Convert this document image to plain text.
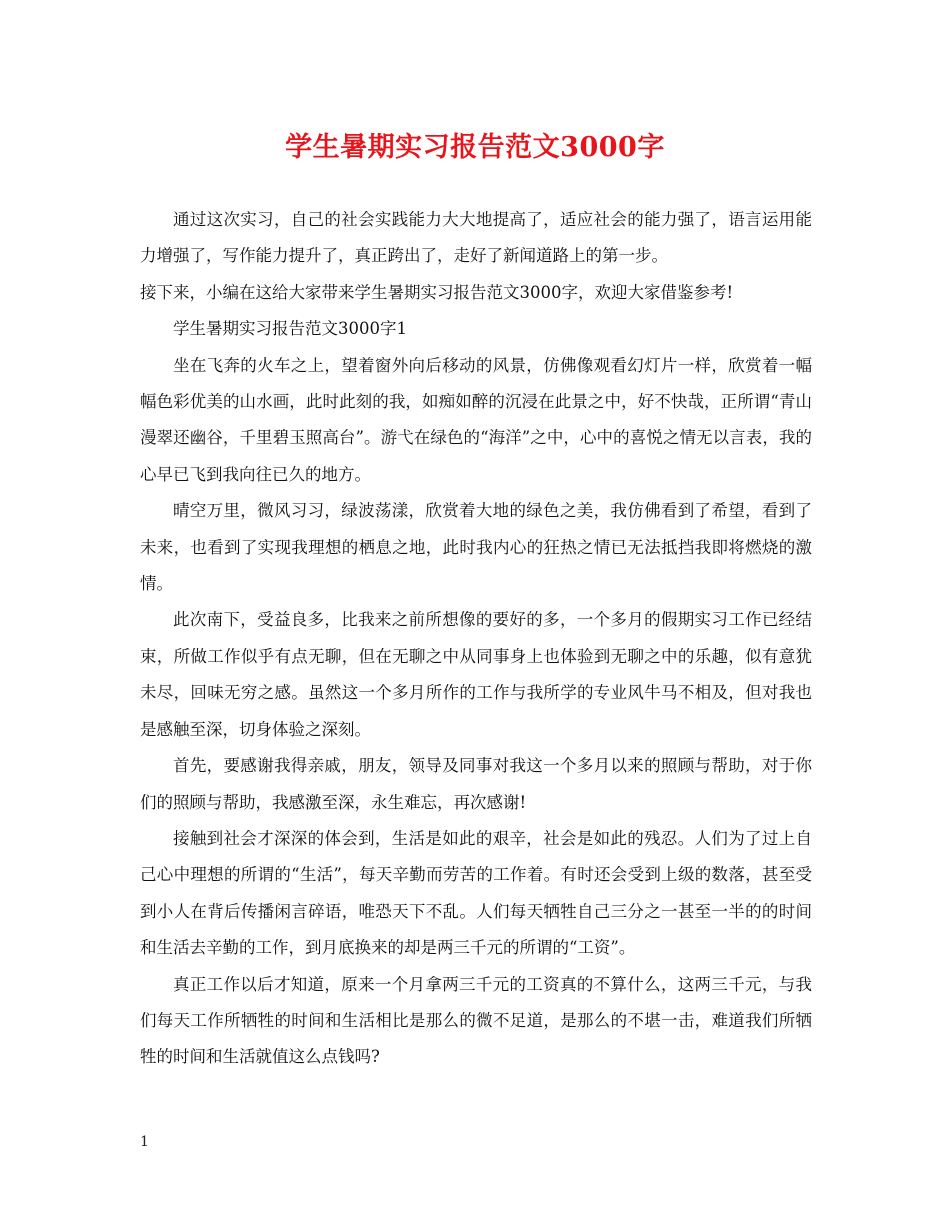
学生暑期实习报告范文3000字

通过这次实习，自己的社会实践能力大大地提高了，适应社会的能力强了，语言运用能力增强了，写作能力提升了，真正跨出了，走好了新闻道路上的第一步。

接下来，小编在这给大家带来学生暑期实习报告范文3000字，欢迎大家借鉴参考!

学生暑期实习报告范文3000字1

坐在飞奔的火车之上，望着窗外向后移动的风景，仿佛像观看幻灯片一样，欣赏着一幅幅色彩优美的山水画，此时此刻的我，如痴如醉的沉浸在此景之中，好不快哉，正所谓“青山漫翠还幽谷，千里碧玉照高台”。游弋在绿色的“海洋”之中，心中的喜悦之情无以言表，我的心早已飞到我向往已久的地方。

晴空万里，微风习习，绿波荡漾，欣赏着大地的绿色之美，我仿佛看到了希望，看到了未来，也看到了实现我理想的栖息之地，此时我内心的狂热之情已无法抵挡我即将燃烧的激情。

此次南下，受益良多，比我来之前所想像的要好的多，一个多月的假期实习工作已经结束，所做工作似乎有点无聊，但在无聊之中从同事身上也体验到无聊之中的乐趣，似有意犹未尽，回味无穷之感。虽然这一个多月所作的工作与我所学的专业风牛马不相及，但对我也是感触至深，切身体验之深刻。

首先，要感谢我得亲戚，朋友，领导及同事对我这一个多月以来的照顾与帮助，对于你们的照顾与帮助，我感激至深，永生难忘，再次感谢!

接触到社会才深深的体会到，生活是如此的艰辛，社会是如此的残忍。人们为了过上自己心中理想的所谓的“生活”，每天辛勤而劳苦的工作着。有时还会受到上级的数落，甚至受到小人在背后传播闲言碎语，唯恐天下不乱。人们每天牺牲自己三分之一甚至一半的的时间和生活去辛勤的工作，到月底换来的却是两三千元的所谓的“工资”。

真正工作以后才知道，原来一个月拿两三千元的工资真的不算什么，这两三千元，与我们每天工作所牺牲的时间和生活相比是那么的微不足道，是那么的不堪一击，难道我们所牺牲的时间和生活就值这么点钱吗?

1
